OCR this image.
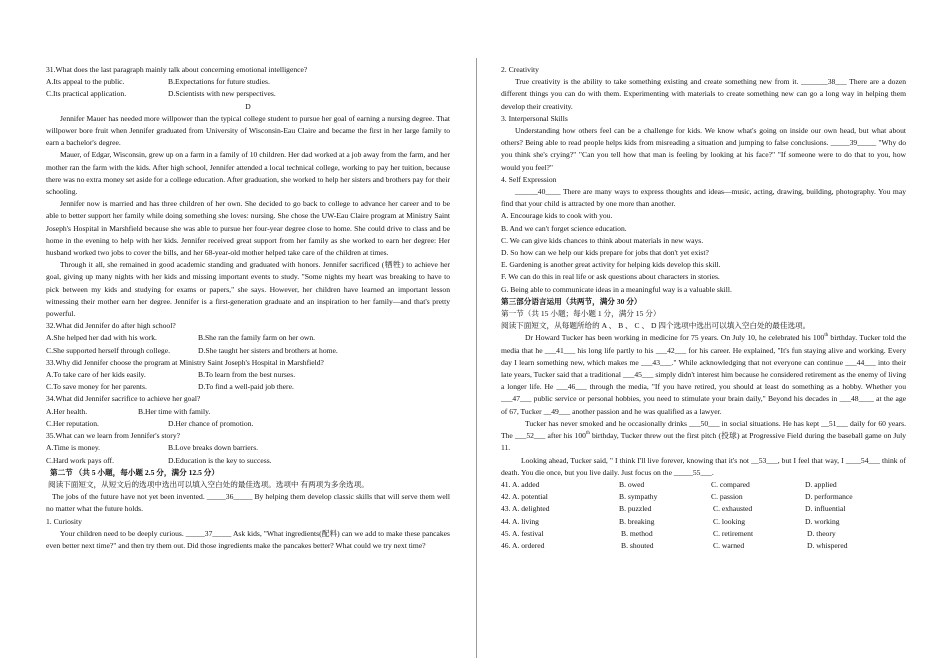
31.What does the last paragraph mainly talk about concerning emotional intelligence?

A.Its appeal to the public.	B.Expectations for future studies.
C.Its practical application.	D.Scientists with new perspectives.

D

Jennifer Mauer has needed more willpower than the typical college student to pursue her goal of earning a nursing degree. That willpower bore fruit when Jennifer graduated from University of Wisconsin-Eau Claire and became the first in her large family to earn a bachelor's degree.

Mauer, of Edgar, Wisconsin, grew up on a farm in a family of 10 children. Her dad worked at a job away from the farm, and her mother ran the farm with the kids. After high school, Jennifer attended a local technical college, working to pay her tuition, because there was no extra money set aside for a college education. After graduation, she worked to help her sisters and brothers pay for their schooling.

Jennifer now is married and has three children of her own. She decided to go back to college to advance her career and to be able to better support her family while doing something she loves: nursing. She chose the UW-Eau Claire program at Ministry Saint Joseph's Hospital in Marshfield because she was able to pursue her four-year degree close to home. She could drive to class and be home in the evening to help with her kids. Jennifer received great support from her family as she worked to earn her degree: Her husband worked two jobs to cover the bills, and her 68-year-old mother helped take care of the children at times.

Through it all, she remained in good academic standing and graduated with honors. Jennifer sacrificed (牺牲) to achieve her goal, giving up many nights with her kids and missing important events to study. "Some nights my heart was breaking to have to pick between my kids and studying for exams or papers," she says. However, her children have learned an important lesson witnessing their mother earn her degree. Jennifer is a first-generation graduate and an inspiration to her family—and that's pretty powerful.

32.What did Jennifer do after high school?

A.She helped her dad with his work.	B.She ran the family farm on her own.
C.She supported herself through college.	D.She taught her sisters and brothers at home.

33.Why did Jennifer choose the program at Ministry Saint Joseph's Hospital in Marshfield?

A.To take care of her kids easily.	B.To learn from the best nurses.
C.To save money for her parents.	D.To find a well-paid job there.

34.What did Jennifer sacrifice to achieve her goal?

A.Her health.	B.Her time with family.
C.Her reputation.	D.Her chance of promotion.

35.What can we learn from Jennifer's story?

A.Time is money.	B.Love breaks down barriers.
C.Hard work pays off.	D.Education is the key to success.

第二节 （共 5 小题，每小题 2.5 分，满分 12.5 分）

阅读下面短文，从短文后的选项中选出可以填入空白处的最佳选项。选项中 有两项为多余选项。

The jobs of the future have not yet been invented. _____36_____ By helping them develop classic skills that will serve them well no matter what the future holds.

1. Curiosity

Your children need to be deeply curious. _____37_____ Ask kids, "What ingredients(配料) can we add to make these pancakes even better next time?" and then try them out. Did those ingredients make the pancakes better? What could we try next time?

2. Creativity

True creativity is the ability to take something existing and create something new from it. _______38___ There are a dozen different things you can do with them. Experimenting with materials to create something new can go a long way in helping them develop their creativity.

3. Interpersonal Skills

Understanding how others feel can be a challenge for kids. We know what's going on inside our own head, but what about others? Being able to read people helps kids from misreading a situation and jumping to false conclusions. _____39_____ "Why do you think she's crying?" "Can you tell how that man is feeling by looking at his face?" "If someone were to do that to you, how would you feel?"

4. Self Expression

______40____ There are many ways to express thoughts and ideas—music, acting, drawing, building, photography. You may find that your child is attracted by one more than another.

A. Encourage kids to cook with you.

B. And we can't forget science education.

C. We can give kids chances to think about materials in new ways.

D. So how can we help our kids prepare for jobs that don't yet exist?

E. Gardening is another great activity for helping kids develop this skill.

F. We can do this in real life or ask questions about characters in stories.

G. Being able to communicate ideas in a meaningful way is a valuable skill.

第三部分语言运用（共两节，满分 30 分）

第一节（共 15 小题；每小题 1 分，满分 15 分）

阅读下面短文，从每题所给的 A 、 B 、 C 、 D 四个选项中选出可以填入空白处的最佳选项。

Dr Howard Tucker has been working in medicine for 75 years. On July 10, he celebrated his 100th birthday. Tucker told the media that he ___41___ his long life partly to his ___42___ for his career. He explained, "It's fun staying alive and working. Every day I learn something new, which makes me ___43___." While acknowledging that not everyone can continue ___44___ into their late years, Tucker said that a traditional ___45___ simply didn't interest him because he considered retirement as the enemy of living a longer life. He ___46___ through the media, "If you have retired, you should at least do something as a hobby. Whether you ___47___ public service or personal hobbies, you need to stimulate your brain daily," Beyond his decades in ___48____ at the age of 67, Tucker __49___ another passion and he was qualified as a lawyer.

Tucker has never smoked and he occasionally drinks ___50___ in social situations. He has kept __51___ daily for 60 years. The ___52___ after his 100th birthday, Tucker threw out the first pitch (投球) at Progressive Field during the baseball game on July 11.

Looking ahead, Tucker said, " I think I'll live forever, knowing that it's not __53___, but I feel that way, I ____54___ think of death. You die once, but you live daily. Just focus on the _____55___.

41. A. added	B. owed	C. compared	D. applied
42. A. potential	B. sympathy	C. passion	D. performance
43. A. delighted	B. puzzled	C. exhausted	D. influential
44. A. living	B. breaking	C. looking	D. working
45. A. festival	B. method	C. retirement	D. theory
46. A. ordered	B. shouted	C. warned	D. whispered
